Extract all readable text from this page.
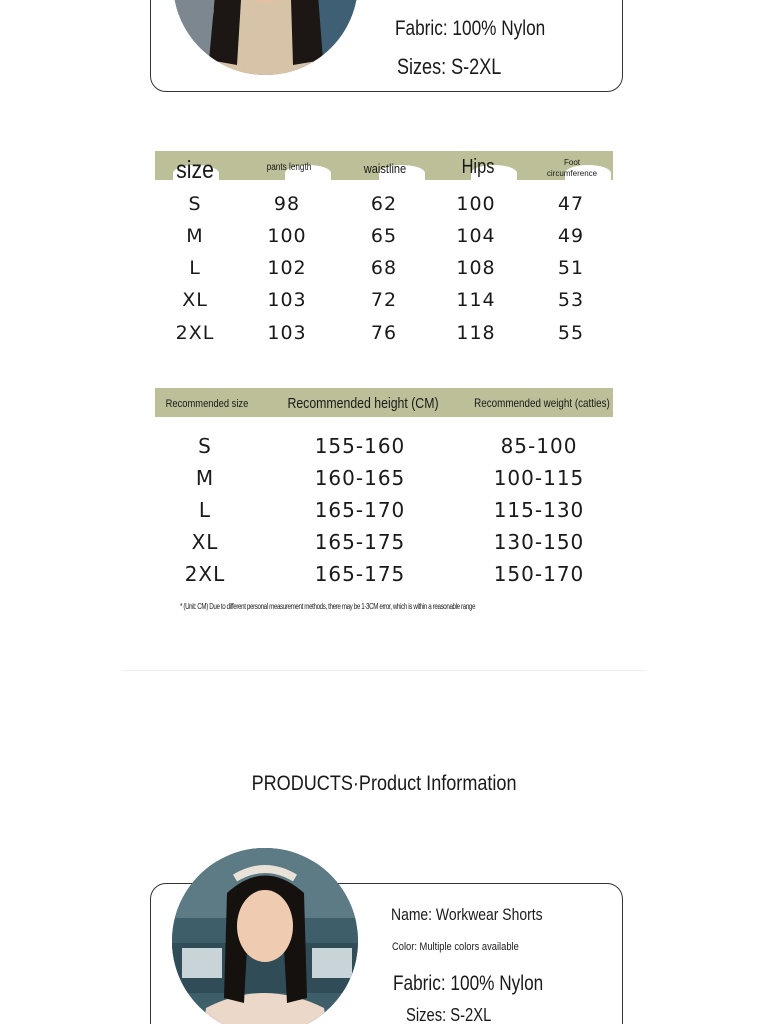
Fabric: 100% Nylon
Sizes: S-2XL
size	pants length	waistline	Hips	Foot circumference
S	98	62	100	47
M	100	65	104	49
L	102	68	108	51
XL	103	72	114	53
2XL	103	76	118	55
Recommended size	Recommended height (CM)	Recommended weight (catties)
S	155-160	85-100
M	160-165	100-115
L	165-170	115-130
XL	165-175	130-150
2XL	165-175	150-170
* (Unit: CM) Due to different personal measurement methods, there may be 1-3CM error, which is within a reasonable range
PRODUCTS·Product Information
Name: Workwear Shorts
Color: Multiple colors available
Fabric: 100% Nylon
Sizes: S-2XL
